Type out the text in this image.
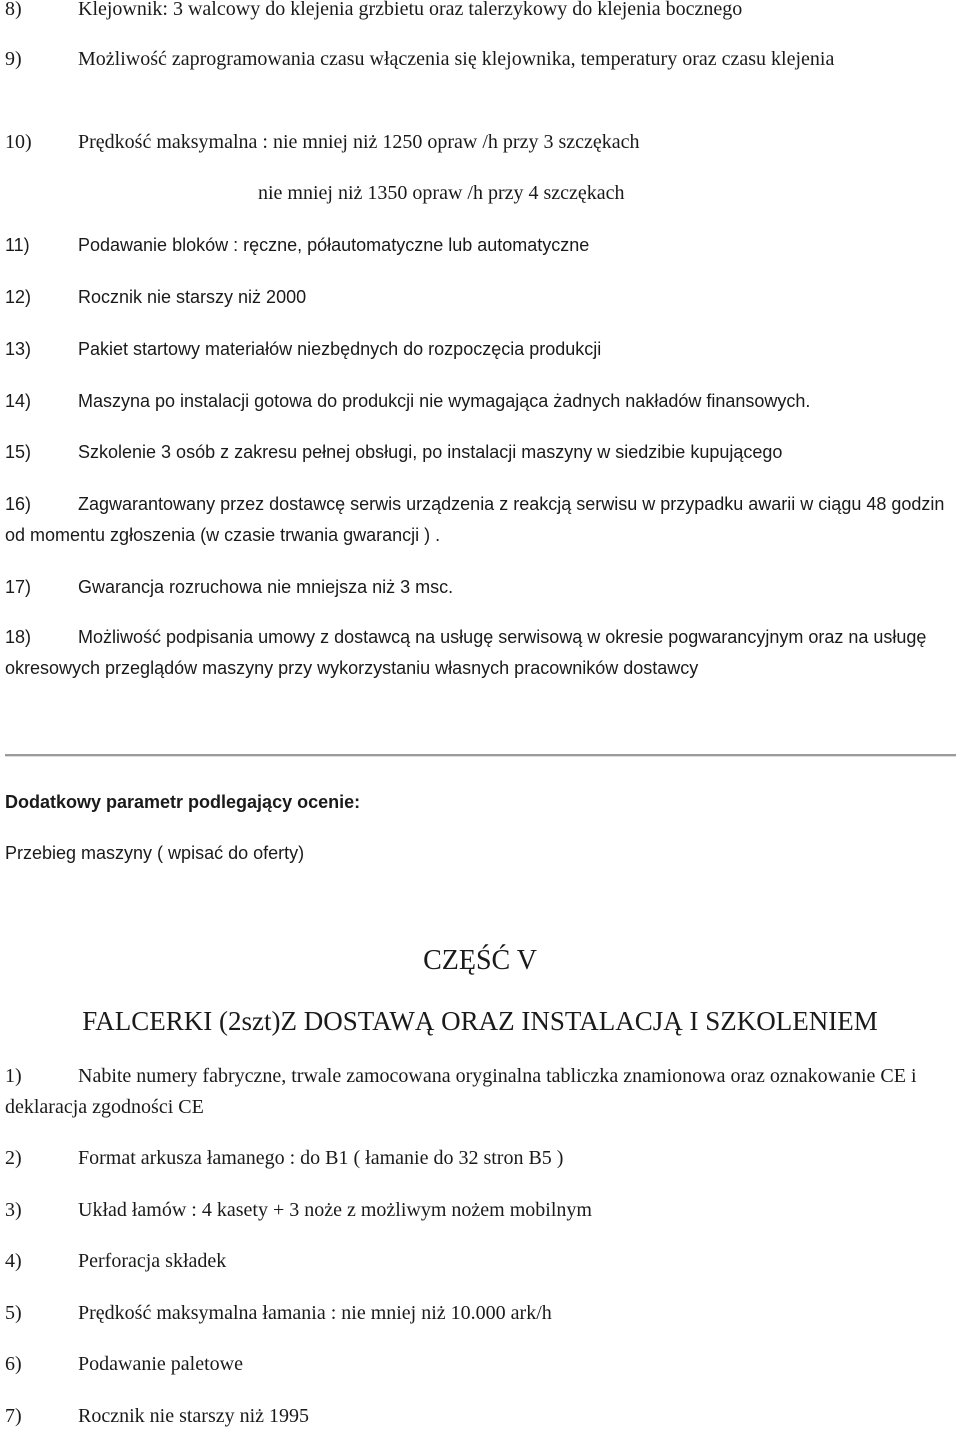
8)	Klejownik: 3 walcowy do klejenia grzbietu oraz talerzykowy do klejenia bocznego

9)	Możliwość zaprogramowania czasu włączenia się klejownika, temperatury oraz czasu klejenia

10) Prędkość maksymalna : nie mniej niż 1250 opraw /h przy 3 szczękach

nie mniej niż 1350 opraw /h przy 4 szczękach

11)	Podawanie bloków : ręczne, półautomatyczne lub automatyczne

12)	Rocznik nie starszy niż 2000

13)	Pakiet startowy materiałów niezbędnych do rozpoczęcia produkcji

14)	Maszyna po instalacji gotowa do produkcji nie wymagająca żadnych nakładów finansowych.

15)	Szkolenie 3 osób z zakresu pełnej obsługi, po instalacji maszyny w siedzibie kupującego

16)	Zagwarantowany przez dostawcę serwis urządzenia z reakcją serwisu w przypadku awarii w ciągu 48 godzin od momentu zgłoszenia (w czasie trwania gwarancji ) .

17)	Gwarancja rozruchowa nie mniejsza niż 3 msc.

18)	Możliwość podpisania umowy z dostawcą na usługę serwisową w okresie pogwarancyjnym oraz na usługę okresowych przeglądów maszyny przy wykorzystaniu własnych pracowników dostawcy

Dodatkowy parametr podlegający ocenie:

Przebieg maszyny ( wpisać do oferty)

CZĘŚĆ V
FALCERKI (2szt)Z DOSTAWĄ ORAZ INSTALACJĄ I SZKOLENIEM

1)	Nabite numery fabryczne, trwale zamocowana oryginalna tabliczka znamionowa oraz oznakowanie CE i deklaracja zgodności CE

2)	Format arkusza łamanego : do B1 ( łamanie do 32 stron B5 )

3)	Układ łamów : 4 kasety + 3 noże z możliwym nożem mobilnym

4)	Perforacja składek

5)	Prędkość maksymalna łamania : nie mniej niż 10.000 ark/h

6)	Podawanie paletowe

7)	Rocznik nie starszy niż 1995
